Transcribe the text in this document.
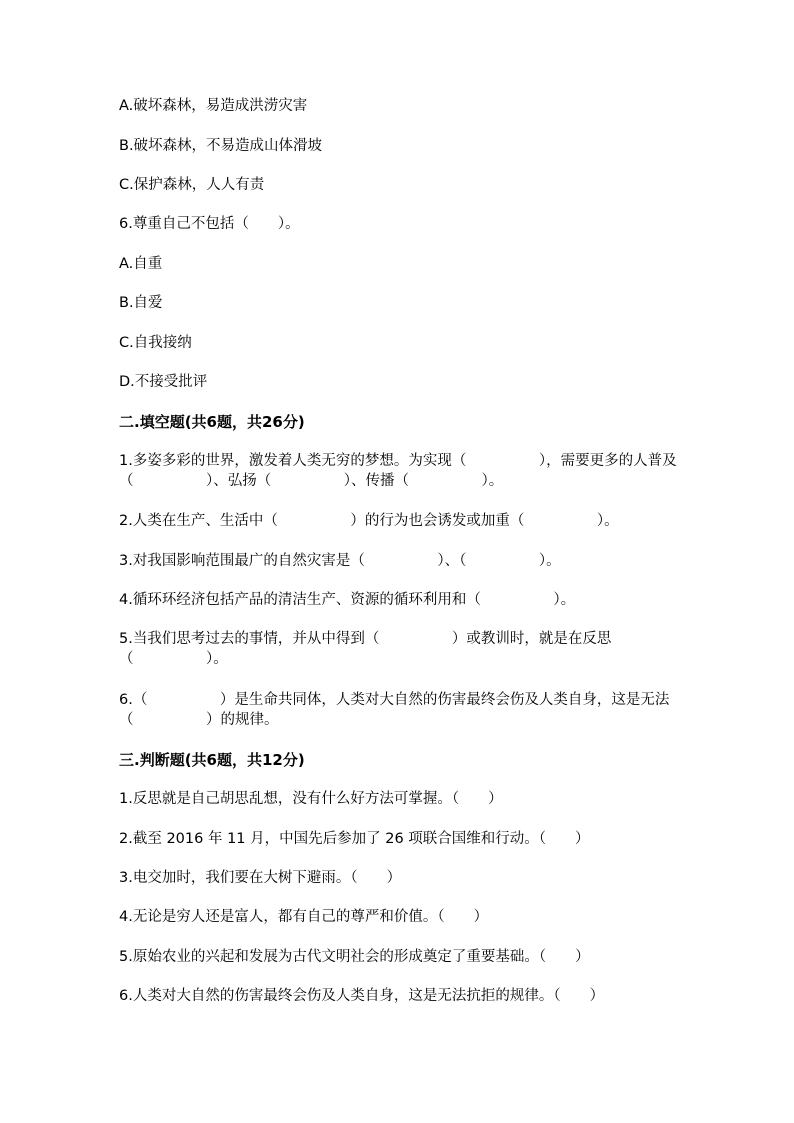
A.破坏森林，易造成洪涝灾害

B.破坏森林，不易造成山体滑坡

C.保护森林，人人有责

6.尊重自己不包括（　　）。

A.自重

B.自爱

C.自我接纳

D.不接受批评

二.填空题(共6题，共26分)

1.多姿多彩的世界，激发着人类无穷的梦想。为实现（　　　　　），需要更多的人普及（　　　　　）、弘扬（　　　　　）、传播（　　　　　）。

2.人类在生产、生活中（　　　　　）的行为也会诱发或加重（　　　　　）。

3.对我国影响范围最广的自然灾害是（　　　　　）、（　　　　　）。

4.循环环经济包括产品的清洁生产、资源的循环利用和（　　　　　）。

5.当我们思考过去的事情，并从中得到（　　　　　）或教训时，就是在反思（　　　　　）。

6.（　　　　　）是生命共同体，人类对大自然的伤害最终会伤及人类自身，这是无法（　　　　　）的规律。

三.判断题(共6题，共12分)

1.反思就是自己胡思乱想，没有什么好方法可掌握。（　　）

2.截至 2016 年 11 月，中国先后参加了 26 项联合国维和行动。（　　）

3.电交加时，我们要在大树下避雨。（　　）

4.无论是穷人还是富人，都有自己的尊严和价值。（　　）

5.原始农业的兴起和发展为古代文明社会的形成奠定了重要基础。（　　）

6.人类对大自然的伤害最终会伤及人类自身，这是无法抗拒的规律。（　　）
